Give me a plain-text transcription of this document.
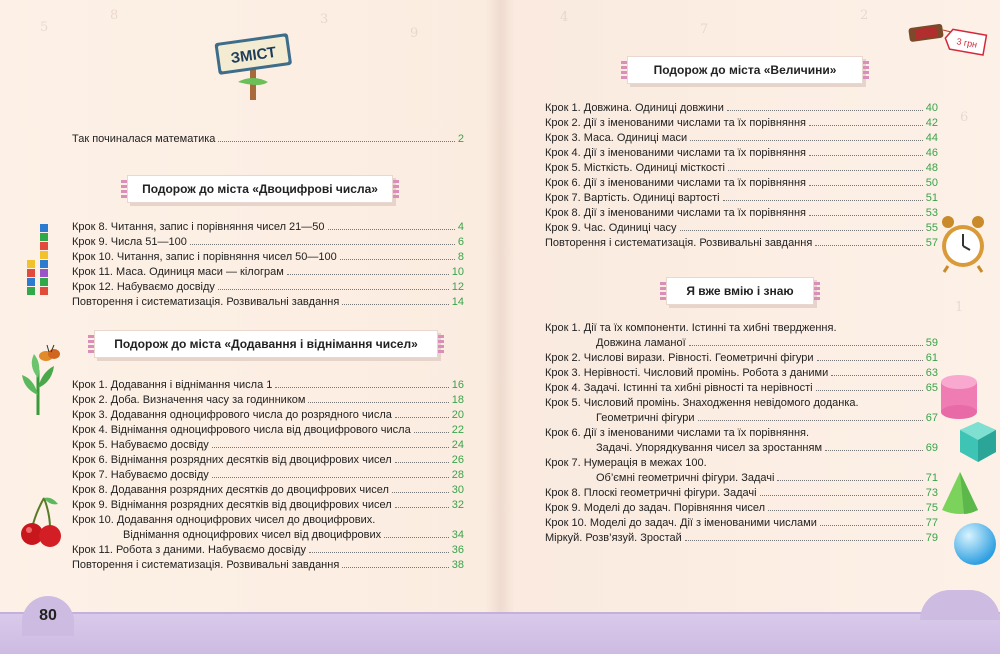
5
8	3
9
4
7
2
6
1
ЗМІСТ
3 грн
Так починалася математика	2
Подорож до міста «Двоцифрові числа»
Крок 8. Читання, запис і порівняння чисел 21—50	4
Крок 9. Числа 51—100	6
Крок 10. Читання, запис і порівняння чисел 50—100	8
Крок 11. Маса. Одиниця маси — кілограм	10
Крок 12. Набуваємо досвіду	12
Повторення і систематизація. Розвивальні завдання	14
Подорож до міста «Додавання і віднімання чисел»
Крок 1. Додавання і віднімання числа 1	16
Крок 2. Доба. Визначення часу за годинником	18
Крок 3. Додавання одноцифрового числа до розрядного числа	20
Крок 4. Віднімання одноцифрового числа від двоцифрового числа	22
Крок 5. Набуваємо досвіду	24
Крок 6. Віднімання розрядних десятків від двоцифрових чисел	26
Крок 7. Набуваємо досвіду	28
Крок 8. Додавання розрядних десятків до двоцифрових чисел	30
Крок 9. Віднімання розрядних десятків від двоцифрових чисел	32
Крок 10. Додавання одноцифрових чисел до двоцифрових.
Віднімання одноцифрових чисел від двоцифрових	34
Крок 11. Робота з даними. Набуваємо досвіду	36
Повторення і систематизація. Розвивальні завдання	38
Подорож до міста «Величини»
Крок 1. Довжина. Одиниці довжини	40
Крок 2. Дії з іменованими числами та їх порівняння	42
Крок 3. Маса. Одиниці маси	44
Крок 4. Дії з іменованими числами та їх порівняння	46
Крок 5. Місткість. Одиниці місткості	48
Крок 6. Дії з іменованими числами та їх порівняння	50
Крок 7. Вартість. Одиниці вартості	51
Крок 8. Дії з іменованими числами та їх порівняння	53
Крок 9. Час. Одиниці часу	55
Повторення і систематизація. Розвивальні завдання	57
Я вже вмію і знаю
Крок 1. Дії та їх компоненти. Істинні та хибні твердження.
Довжина ламаної	59
Крок 2. Числові вирази. Рівності. Геометричні фігури	61
Крок 3. Нерівності. Числовий промінь. Робота з даними	63
Крок 4. Задачі. Істинні та хибні рівності та нерівності	65
Крок 5. Числовий промінь. Знаходження невідомого доданка.
Геометричні фігури	67
Крок 6. Дії з іменованими числами та їх порівняння.
Задачі. Упорядкування чисел за зростанням	69
Крок 7. Нумерація в межах 100.
Об’ємні геометричні фігури. Задачі	71
Крок 8. Плоскі геометричні фігури. Задачі	73
Крок 9. Моделі до задач. Порівняння чисел	75
Крок 10. Моделі до задач. Дії з іменованими числами	77
Міркуй. Розв’язуй. Зростай	79
80
